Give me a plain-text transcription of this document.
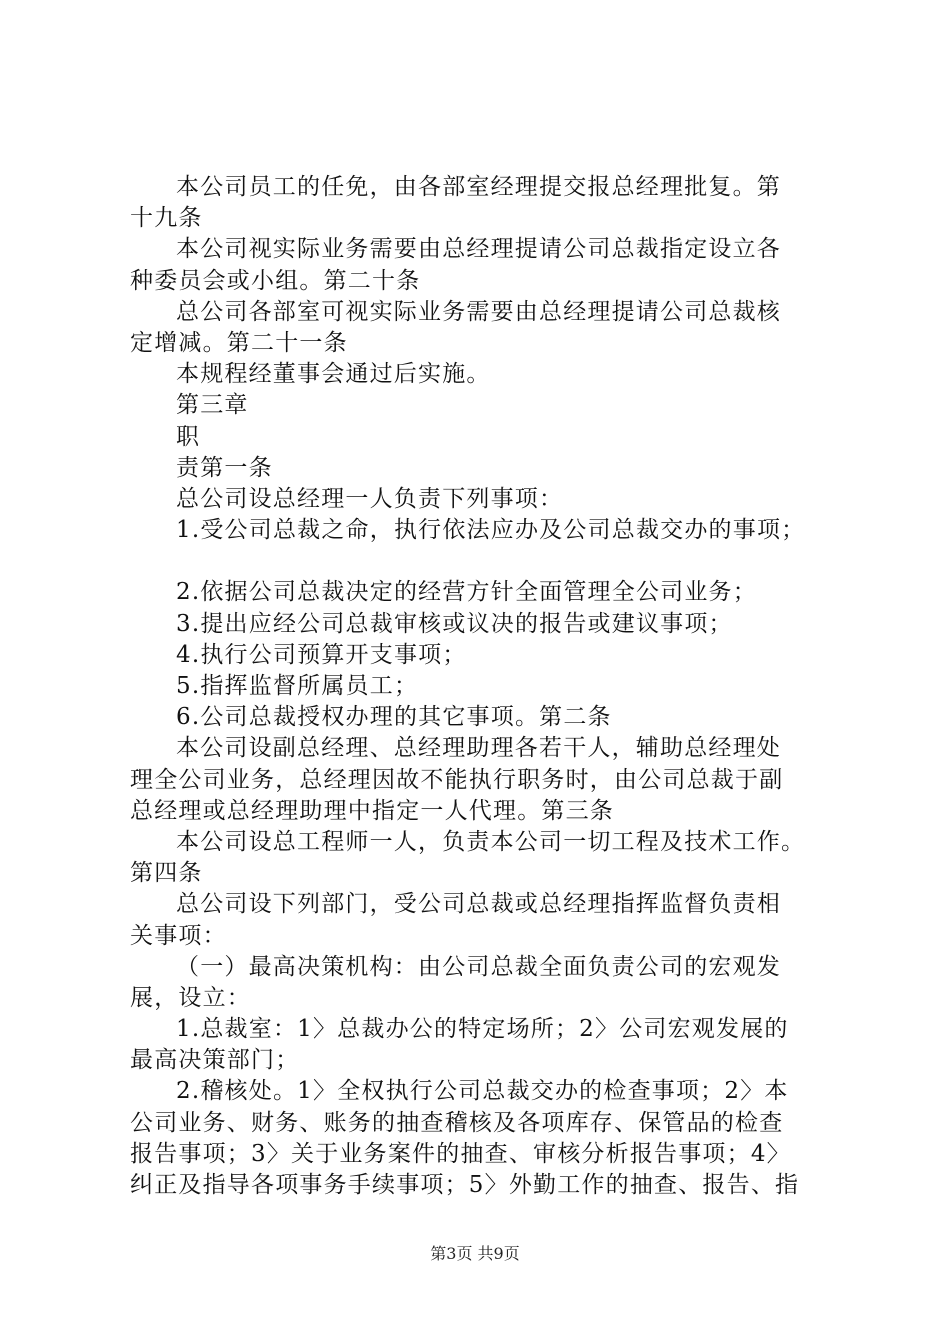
本公司员工的任免，由各部室经理提交报总经理批复。第
十九条
本公司视实际业务需要由总经理提请公司总裁指定设立各
种委员会或小组。第二十条
总公司各部室可视实际业务需要由总经理提请公司总裁核
定增减。第二十一条
本规程经董事会通过后实施。
第三章
职
责第一条
总公司设总经理一人负责下列事项：
1.受公司总裁之命，执行依法应办及公司总裁交办的事项；
2.依据公司总裁决定的经营方针全面管理全公司业务；
3.提出应经公司总裁审核或议决的报告或建议事项；
4.执行公司预算开支事项；
5.指挥监督所属员工；
6.公司总裁授权办理的其它事项。第二条
本公司设副总经理、总经理助理各若干人，辅助总经理处
理全公司业务，总经理因故不能执行职务时，由公司总裁于副
总经理或总经理助理中指定一人代理。第三条
本公司设总工程师一人，负责本公司一切工程及技术工作。
第四条
总公司设下列部门，受公司总裁或总经理指挥监督负责相
关事项：
（一）最高决策机构：由公司总裁全面负责公司的宏观发
展，设立：
1.总裁室：1〉总裁办公的特定场所；2〉公司宏观发展的
最高决策部门；
2.稽核处。1〉全权执行公司总裁交办的检查事项；2〉本
公司业务、财务、账务的抽查稽核及各项库存、保管品的检查
报告事项；3〉关于业务案件的抽查、审核分析报告事项；4〉
纠正及指导各项事务手续事项；5〉外勤工作的抽查、报告、指
第3页 共9页
